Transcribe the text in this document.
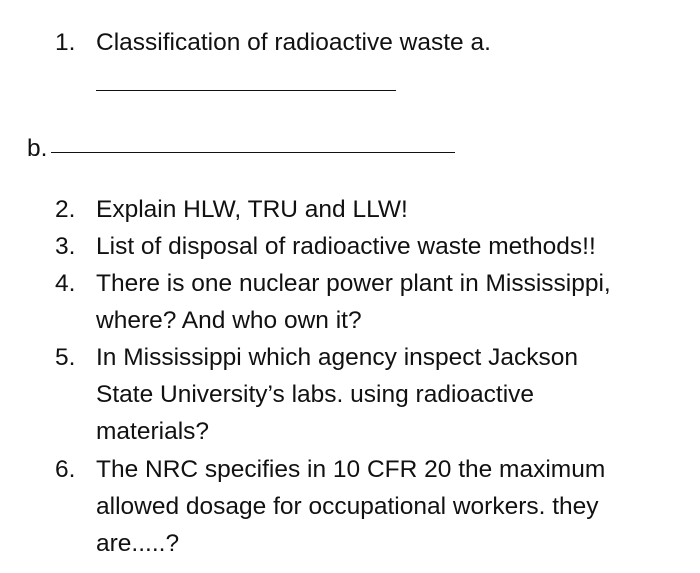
1. Classification of radioactive waste a.
b.
2. Explain HLW, TRU and LLW!
3. List of disposal of radioactive waste methods!!
4. There is one nuclear power plant in Mississippi,
where? And who own it?
5. In Mississippi which agency inspect Jackson
State University’s labs. using radioactive
materials?
6. The NRC specifies in 10 CFR 20 the maximum
allowed dosage for occupational workers. they
are.....?
